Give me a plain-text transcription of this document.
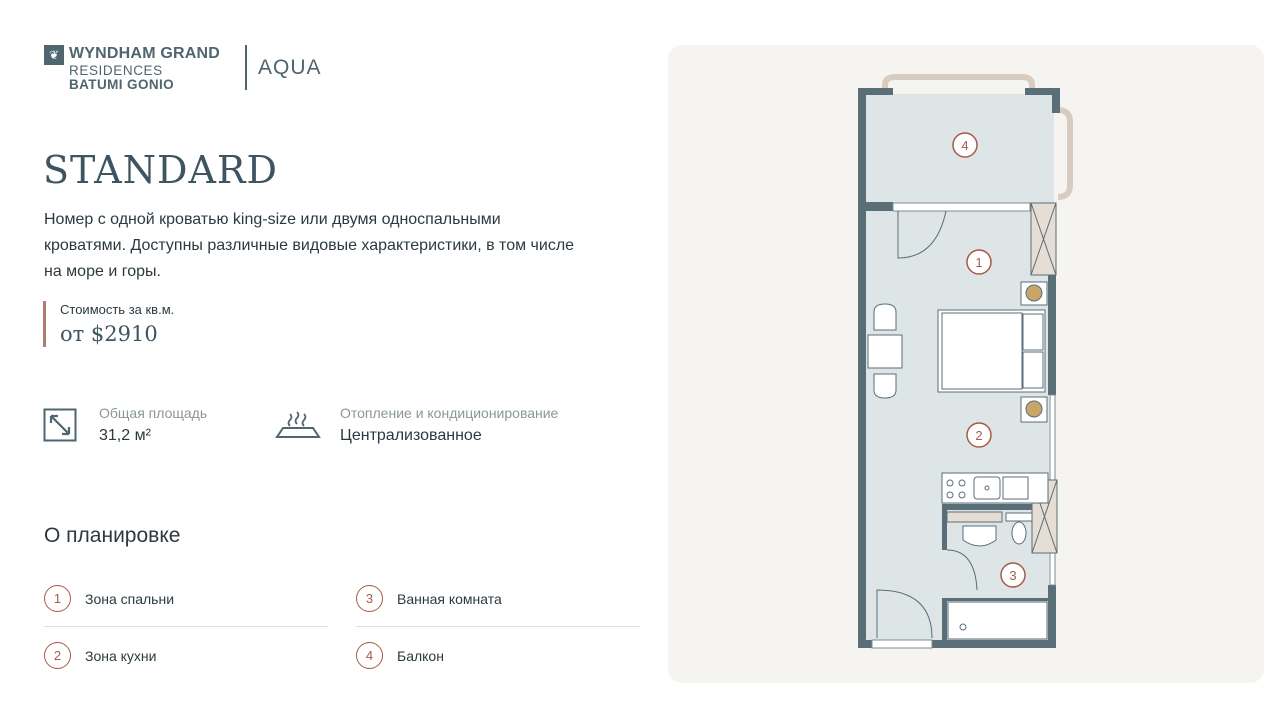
❦ WYNDHAM GRAND
RESIDENCES
BATUMI GONIO
AQUA
STANDARD
Номер с одной кроватью king-size или двумя односпальными кроватями. Доступны различные видовые характеристики, в том числе на море и горы.
Стоимость за кв.м.
от $2910
Общая площадь
31,2 м²
Отопление и кондиционирование
Централизованное
О планировке
1	Зона спальни
2	Зона кухни
3	Ванная комната
4	Балкон
4
1
2
3
